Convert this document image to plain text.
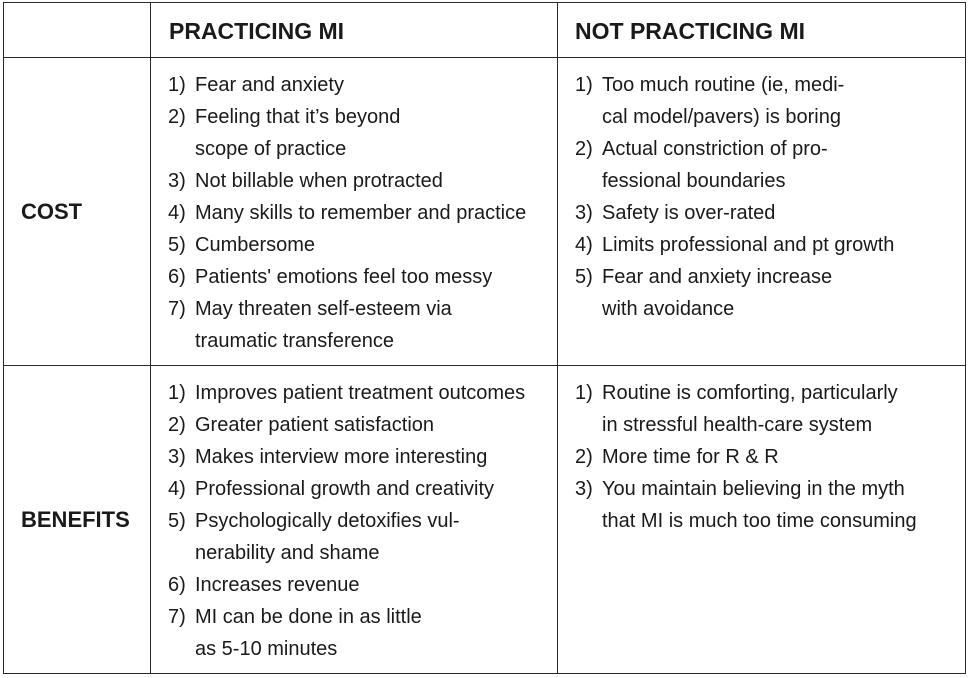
PRACTICING MI	NOT PRACTICING MI
COST
BENEFITS
1) Fear and anxiety
2) Feeling that it’s beyond
scope of practice
3) Not billable when protracted
4) Many skills to remember and practice
5) Cumbersome
6) Patients' emotions feel too messy
7) May threaten self-esteem via
traumatic transference
1) Too much routine (ie, medi-
cal model/pavers) is boring
2) Actual constriction of pro-
fessional boundaries
3) Safety is over-rated
4) Limits professional and pt growth
5) Fear and anxiety increase
with avoidance
1) Improves patient treatment outcomes
2) Greater patient satisfaction
3) Makes interview more interesting
4) Professional growth and creativity
5) Psychologically detoxifies vul-
nerability and shame
6) Increases revenue
7) MI can be done in as little
as 5-10 minutes
1) Routine is comforting, particularly
in stressful health-care system
2) More time for R & R
3) You maintain believing in the myth
that MI is much too time consuming
